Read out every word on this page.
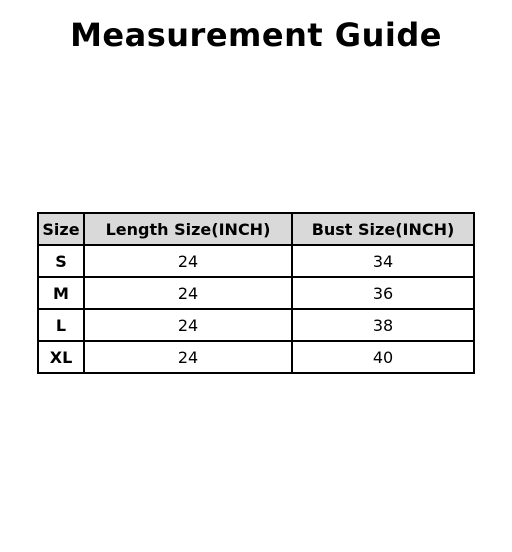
Measurement Guide
Size	Length Size(INCH)	Bust Size(INCH)
S	24	34
M	24	36
L	24	38
XL	24	40
